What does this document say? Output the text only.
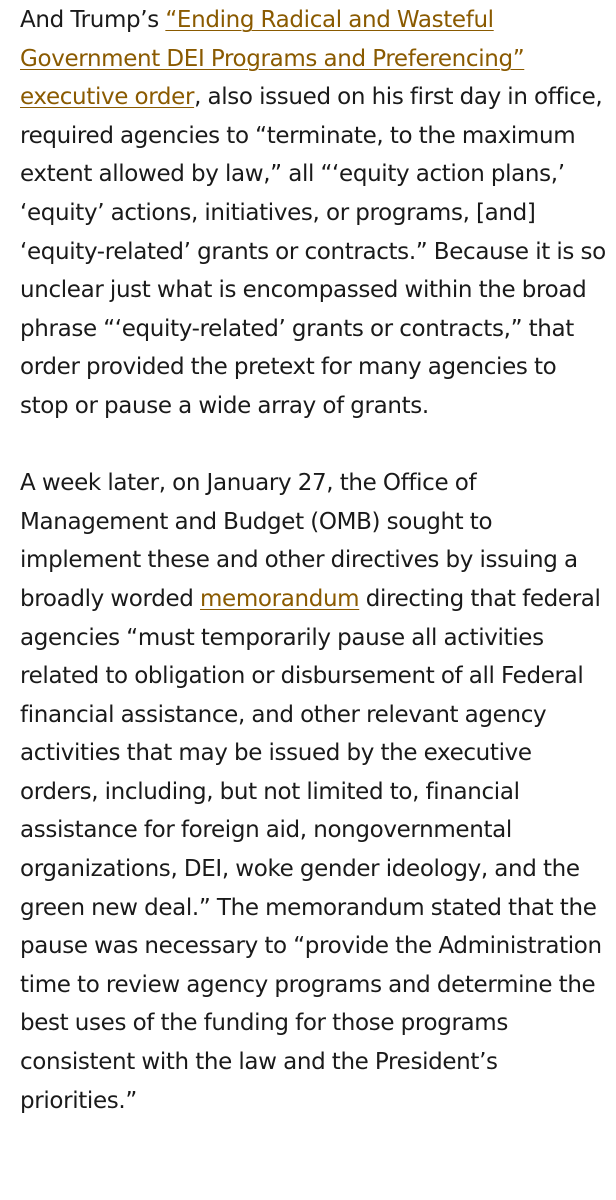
And Trump’s “Ending Radical and Wasteful Government DEI Programs and Preferencing” executive order, also issued on his first day in office, required agencies to “terminate, to the maximum extent allowed by law,” all “‘equity action plans,’ ‘equity’ actions, initiatives, or programs, [and] ‘equity-related’ grants or contracts.” Because it is so unclear just what is encompassed within the broad phrase “‘equity-related’ grants or contracts,” that order provided the pretext for many agencies to stop or pause a wide array of grants.

A week later, on January 27, the Office of Management and Budget (OMB) sought to implement these and other directives by issuing a broadly worded memorandum directing that federal agencies “must temporarily pause all activities related to obligation or disbursement of all Federal financial assistance, and other relevant agency activities that may be issued by the executive orders, including, but not limited to, financial assistance for foreign aid, nongovernmental organizations, DEI, woke gender ideology, and the green new deal.” The memorandum stated that the pause was necessary to “provide the Administration time to review agency programs and determine the best uses of the funding for those programs consistent with the law and the President’s priorities.”
